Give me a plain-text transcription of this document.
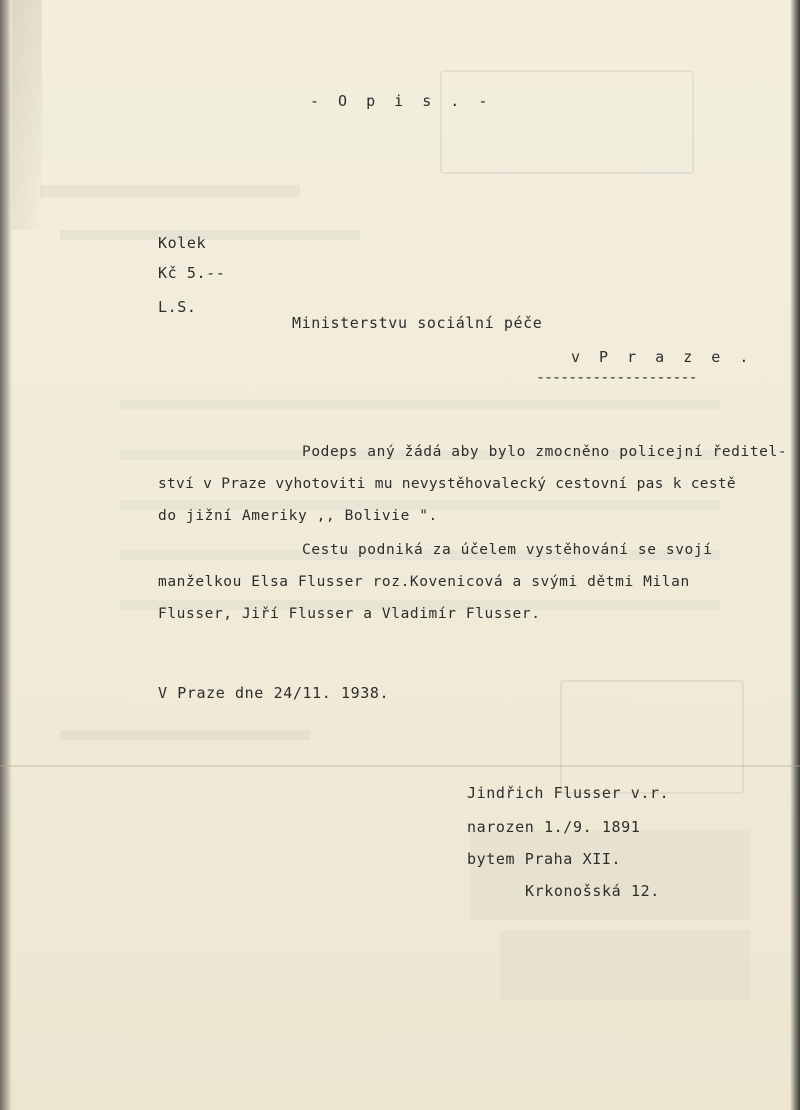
- O p i s . -
Kolek
Kč 5.--
L.S.
Ministerstvu sociální péče
v P r a z e .
--------------------
Podeps aný žádá aby bylo zmocněno policejní ředitel-
ství v Praze vyhotoviti mu nevystěhovalecký cestovní pas k cestě
do jižní Ameriky ,, Bolivie ".
Cestu podniká za účelem vystěhování se svojí
manželkou Elsa Flusser roz.Kovenicová a svými dětmi Milan
Flusser, Jiří Flusser a Vladimír Flusser.
V Praze dne 24/11. 1938.
Jindřich Flusser v.r.
narozen 1./9. 1891
bytem Praha XII.
Krkonošská 12.
